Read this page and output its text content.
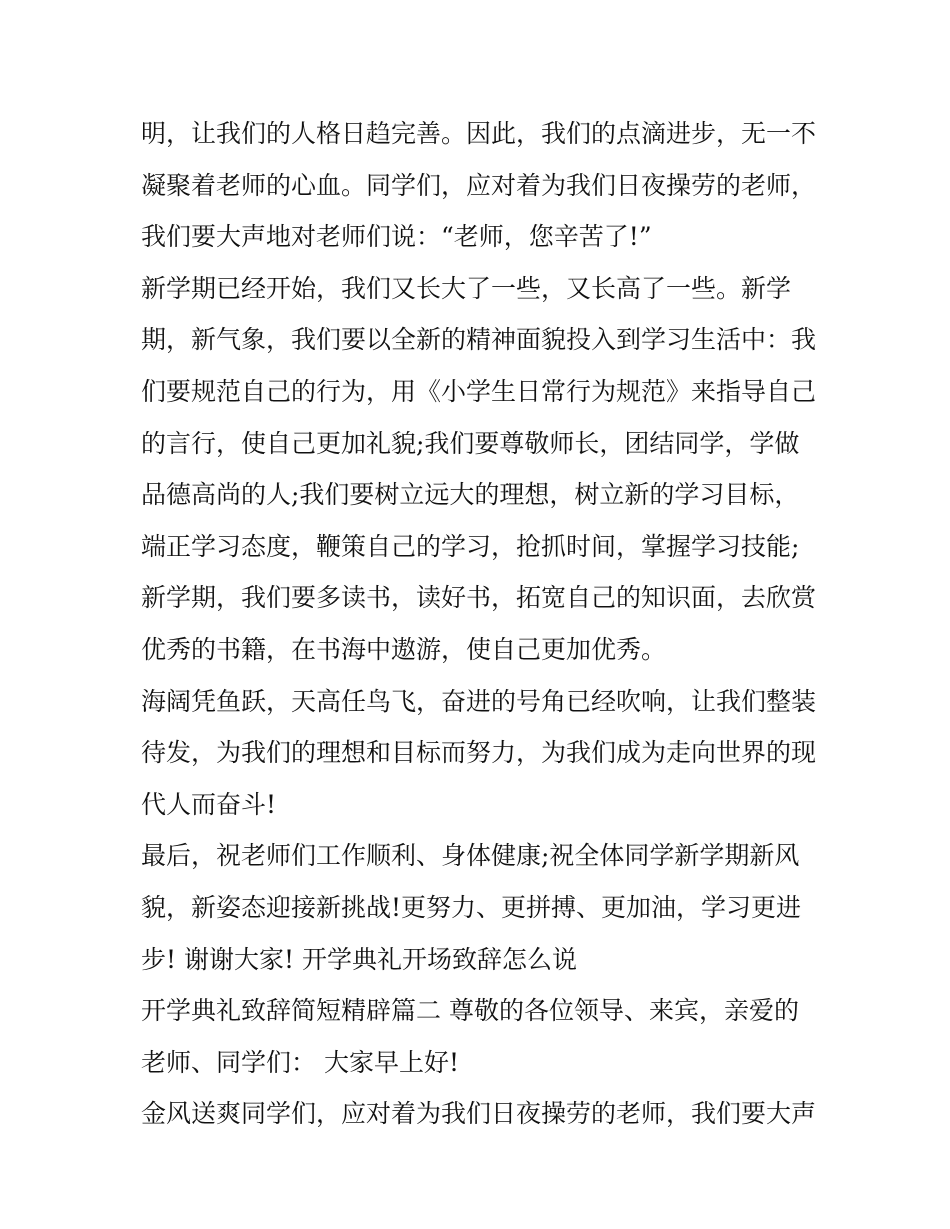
明，让我们的人格日趋完善。因此，我们的点滴进步，无一不
凝聚着老师的心血。同学们，应对着为我们日夜操劳的老师，
我们要大声地对老师们说：“老师，您辛苦了!”
新学期已经开始，我们又长大了一些，又长高了一些。新学
期，新气象，我们要以全新的精神面貌投入到学习生活中：我
们要规范自己的行为，用《小学生日常行为规范》来指导自己
的言行，使自己更加礼貌;我们要尊敬师长，团结同学，学做
品德高尚的人;我们要树立远大的理想，树立新的学习目标，
端正学习态度，鞭策自己的学习，抢抓时间，掌握学习技能;
新学期，我们要多读书，读好书，拓宽自己的知识面，去欣赏
优秀的书籍，在书海中遨游，使自己更加优秀。
海阔凭鱼跃，天高任鸟飞，奋进的号角已经吹响，让我们整装
待发，为我们的理想和目标而努力，为我们成为走向世界的现
代人而奋斗!
最后，祝老师们工作顺利、身体健康;祝全体同学新学期新风
貌，新姿态迎接新挑战!更努力、更拼搏、更加油，学习更进
步! 谢谢大家! 开学典礼开场致辞怎么说
开学典礼致辞简短精辟篇二 尊敬的各位领导、来宾，亲爱的
老师、同学们： 大家早上好!
金风送爽同学们，应对着为我们日夜操劳的老师，我们要大声
